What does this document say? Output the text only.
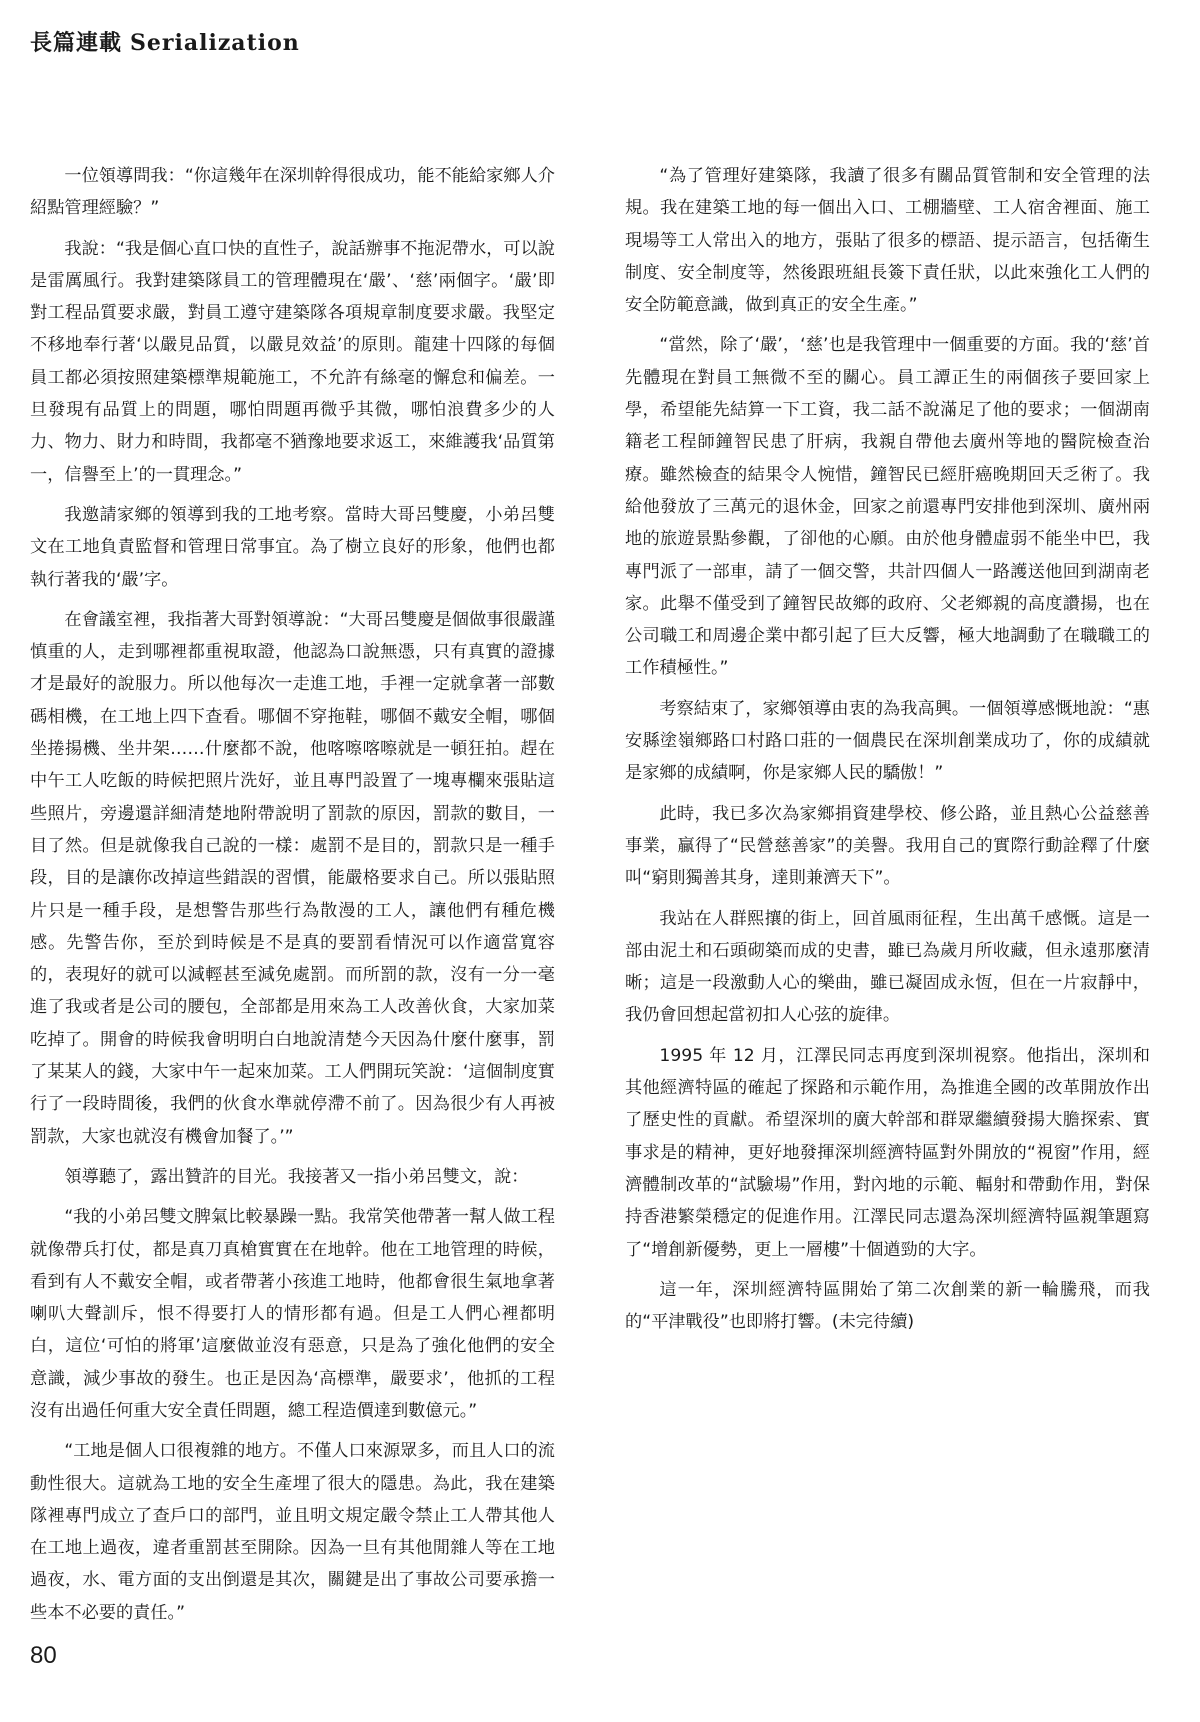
長篇連載 Serialization

一位領導問我：“你這幾年在深圳幹得很成功，能不能給家鄉人介紹點管理經驗？”

我說：“我是個心直口快的直性子，說話辦事不拖泥帶水，可以說是雷厲風行。我對建築隊員工的管理體現在‘嚴’、‘慈’兩個字。‘嚴’即對工程品質要求嚴，對員工遵守建築隊各項規章制度要求嚴。我堅定不移地奉行著‘以嚴見品質，以嚴見效益’的原則。龍建十四隊的每個員工都必須按照建築標準規範施工，不允許有絲毫的懈怠和偏差。一旦發現有品質上的問題，哪怕問題再微乎其微，哪怕浪費多少的人力、物力、財力和時間，我都毫不猶豫地要求返工，來維護我‘品質第一，信譽至上’的一貫理念。”

我邀請家鄉的領導到我的工地考察。當時大哥呂雙慶，小弟呂雙文在工地負責監督和管理日常事宜。為了樹立良好的形象，他們也都執行著我的‘嚴’字。

在會議室裡，我指著大哥對領導說：“大哥呂雙慶是個做事很嚴謹慎重的人，走到哪裡都重視取證，他認為口說無憑，只有真實的證據才是最好的說服力。所以他每次一走進工地，手裡一定就拿著一部數碼相機，在工地上四下查看。哪個不穿拖鞋，哪個不戴安全帽，哪個坐捲揚機、坐井架……什麼都不說，他喀嚓喀嚓就是一頓狂拍。趕在中午工人吃飯的時候把照片洗好，並且專門設置了一塊專欄來張貼這些照片，旁邊還詳細清楚地附帶說明了罰款的原因，罰款的數目，一目了然。但是就像我自己說的一樣：處罰不是目的，罰款只是一種手段，目的是讓你改掉這些錯誤的習慣，能嚴格要求自己。所以張貼照片只是一種手段，是想警告那些行為散漫的工人，讓他們有種危機感。先警告你，至於到時候是不是真的要罰看情況可以作適當寬容的，表現好的就可以減輕甚至減免處罰。而所罰的款，沒有一分一毫進了我或者是公司的腰包，全部都是用來為工人改善伙食，大家加菜吃掉了。開會的時候我會明明白白地說清楚今天因為什麼什麼事，罰了某某人的錢，大家中午一起來加菜。工人們開玩笑說：‘這個制度實行了一段時間後，我們的伙食水準就停滯不前了。因為很少有人再被罰款，大家也就沒有機會加餐了。’”

領導聽了，露出贊許的目光。我接著又一指小弟呂雙文，說：

“我的小弟呂雙文脾氣比較暴躁一點。我常笑他帶著一幫人做工程就像帶兵打仗，都是真刀真槍實實在在地幹。他在工地管理的時候，看到有人不戴安全帽，或者帶著小孩進工地時，他都會很生氣地拿著喇叭大聲訓斥，恨不得要打人的情形都有過。但是工人們心裡都明白，這位‘可怕的將軍’這麼做並沒有惡意，只是為了強化他們的安全意識，減少事故的發生。也正是因為‘高標準，嚴要求’，他抓的工程沒有出過任何重大安全責任問題，總工程造價達到數億元。”

“工地是個人口很複雜的地方。不僅人口來源眾多，而且人口的流動性很大。這就為工地的安全生產埋了很大的隱患。為此，我在建築隊裡專門成立了查戶口的部門，並且明文規定嚴令禁止工人帶其他人在工地上過夜，違者重罰甚至開除。因為一旦有其他閒雜人等在工地過夜，水、電方面的支出倒還是其次，關鍵是出了事故公司要承擔一些本不必要的責任。”

“為了管理好建築隊，我讀了很多有關品質管制和安全管理的法規。我在建築工地的每一個出入口、工棚牆壁、工人宿舍裡面、施工現場等工人常出入的地方，張貼了很多的標語、提示語言，包括衛生制度、安全制度等，然後跟班組長簽下責任狀，以此來強化工人們的安全防範意識，做到真正的安全生產。”

“當然，除了‘嚴’，‘慈’也是我管理中一個重要的方面。我的‘慈’首先體現在對員工無微不至的關心。員工譚正生的兩個孩子要回家上學，希望能先結算一下工資，我二話不說滿足了他的要求；一個湖南籍老工程師鐘智民患了肝病，我親自帶他去廣州等地的醫院檢查治療。雖然檢查的結果令人惋惜，鐘智民已經肝癌晚期回天乏術了。我給他發放了三萬元的退休金，回家之前還專門安排他到深圳、廣州兩地的旅遊景點參觀，了卻他的心願。由於他身體虛弱不能坐中巴，我專門派了一部車，請了一個交警，共計四個人一路護送他回到湖南老家。此舉不僅受到了鐘智民故鄉的政府、父老鄉親的高度讚揚，也在公司職工和周邊企業中都引起了巨大反響，極大地調動了在職職工的工作積極性。”

考察結束了，家鄉領導由衷的為我高興。一個領導感慨地說：“惠安縣塗嶺鄉路口村路口莊的一個農民在深圳創業成功了，你的成績就是家鄉的成績啊，你是家鄉人民的驕傲！”

此時，我已多次為家鄉捐資建學校、修公路，並且熱心公益慈善事業，贏得了“民營慈善家”的美譽。我用自己的實際行動詮釋了什麼叫“窮則獨善其身，達則兼濟天下”。

我站在人群熙攘的街上，回首風雨征程，生出萬千感慨。這是一部由泥土和石頭砌築而成的史書，雖已為歲月所收藏，但永遠那麼清晰；這是一段激動人心的樂曲，雖已凝固成永恆，但在一片寂靜中，我仍會回想起當初扣人心弦的旋律。

1995 年 12 月，江澤民同志再度到深圳視察。他指出，深圳和其他經濟特區的確起了探路和示範作用，為推進全國的改革開放作出了歷史性的貢獻。希望深圳的廣大幹部和群眾繼續發揚大膽探索、實事求是的精神，更好地發揮深圳經濟特區對外開放的“視窗”作用，經濟體制改革的“試驗場”作用，對內地的示範、輻射和帶動作用，對保持香港繁榮穩定的促進作用。江澤民同志還為深圳經濟特區親筆題寫了“增創新優勢，更上一層樓”十個遒勁的大字。

這一年，深圳經濟特區開始了第二次創業的新一輪騰飛，而我的“平津戰役”也即將打響。(未完待續)

80
